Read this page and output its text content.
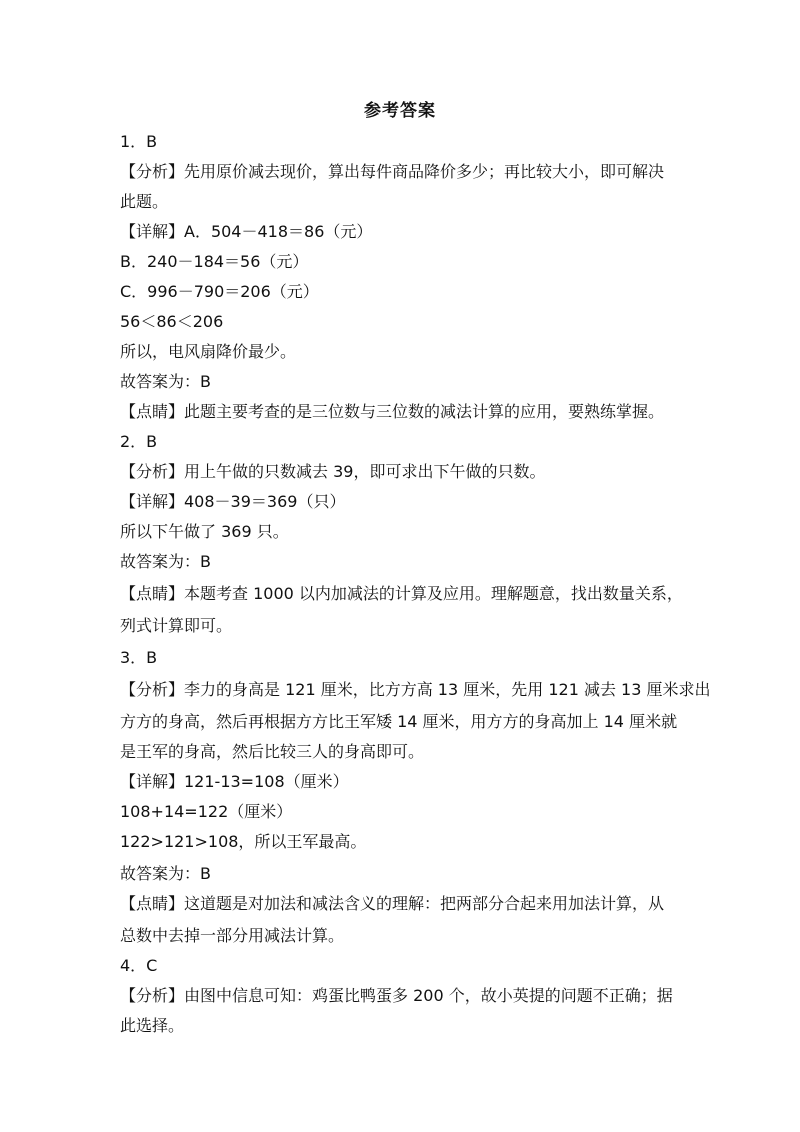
参考答案
1．B
【分析】先用原价减去现价，算出每件商品降价多少；再比较大小，即可解决
此题。
【详解】A．504－418＝86（元）
B．240－184＝56（元）
C．996－790＝206（元）
56＜86＜206
所以，电风扇降价最少。
故答案为：B
【点睛】此题主要考查的是三位数与三位数的减法计算的应用，要熟练掌握。
2．B
【分析】用上午做的只数减去 39，即可求出下午做的只数。
【详解】408－39＝369（只）
所以下午做了 369 只。
故答案为：B
【点睛】本题考查 1000 以内加减法的计算及应用。理解题意，找出数量关系，
列式计算即可。
3．B
【分析】李力的身高是 121 厘米，比方方高 13 厘米，先用 121 减去 13 厘米求出
方方的身高，然后再根据方方比王军矮 14 厘米，用方方的身高加上 14 厘米就
是王军的身高，然后比较三人的身高即可。
【详解】121-13=108（厘米）
108+14=122（厘米）
122>121>108，所以王军最高。
故答案为：B
【点睛】这道题是对加法和减法含义的理解：把两部分合起来用加法计算，从
总数中去掉一部分用减法计算。
4．C
【分析】由图中信息可知：鸡蛋比鸭蛋多 200 个，故小英提的问题不正确；据
此选择。
